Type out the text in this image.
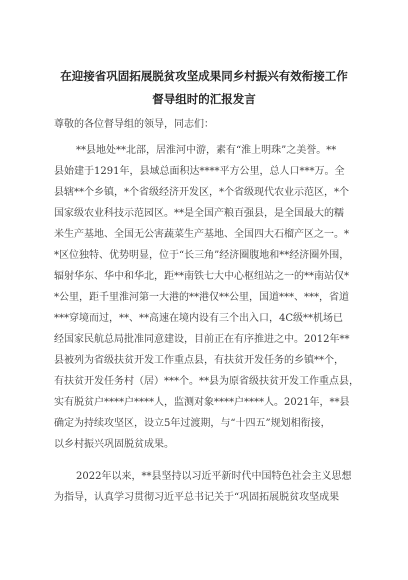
在迎接省巩固拓展脱贫攻坚成果同乡村振兴有效衔接工作
督导组时的汇报发言
尊敬的各位督导组的领导，同志们：
**县地处**北部，居淮河中游，素有“淮上明珠”之美誉。**
县始建于1291年，县域总面积达****平方公里，总人口***万。全
县辖**个乡镇，*个省级经济开发区，*个省级现代农业示范区，*个
国家级农业科技示范园区。**是全国产粮百强县，是全国最大的糯
米生产基地、全国无公害蔬菜生产基地、全国四大石榴产区之一。*
*区位独特、优势明显，位于“长三角”经济圈腹地和**经济圈外围，
辐射华东、华中和华北，距**南铁七大中心枢纽站之一的**南站仅*
*公里，距千里淮河第一大港的**港仅**公里，国道***、***，省道
***穿境而过，**、**高速在境内设有三个出入口，4C级**机场已
经国家民航总局批准同意建设，目前正在有序推进之中。2012年**
县被列为省级扶贫开发工作重点县，有扶贫开发任务的乡镇**个，
有扶贫开发任务村（居）***个。**县为原省级扶贫开发工作重点县，
实有脱贫户****户****人，监测对象****户****人。2021年，**县
确定为持续攻坚区，设立5年过渡期，与“十四五”规划相衔接，
以乡村振兴巩固脱贫成果。
2022年以来，**县坚持以习近平新时代中国特色社会主义思想
为指导，认真学习贯彻习近平总书记关于“巩固拓展脱贫攻坚成果
